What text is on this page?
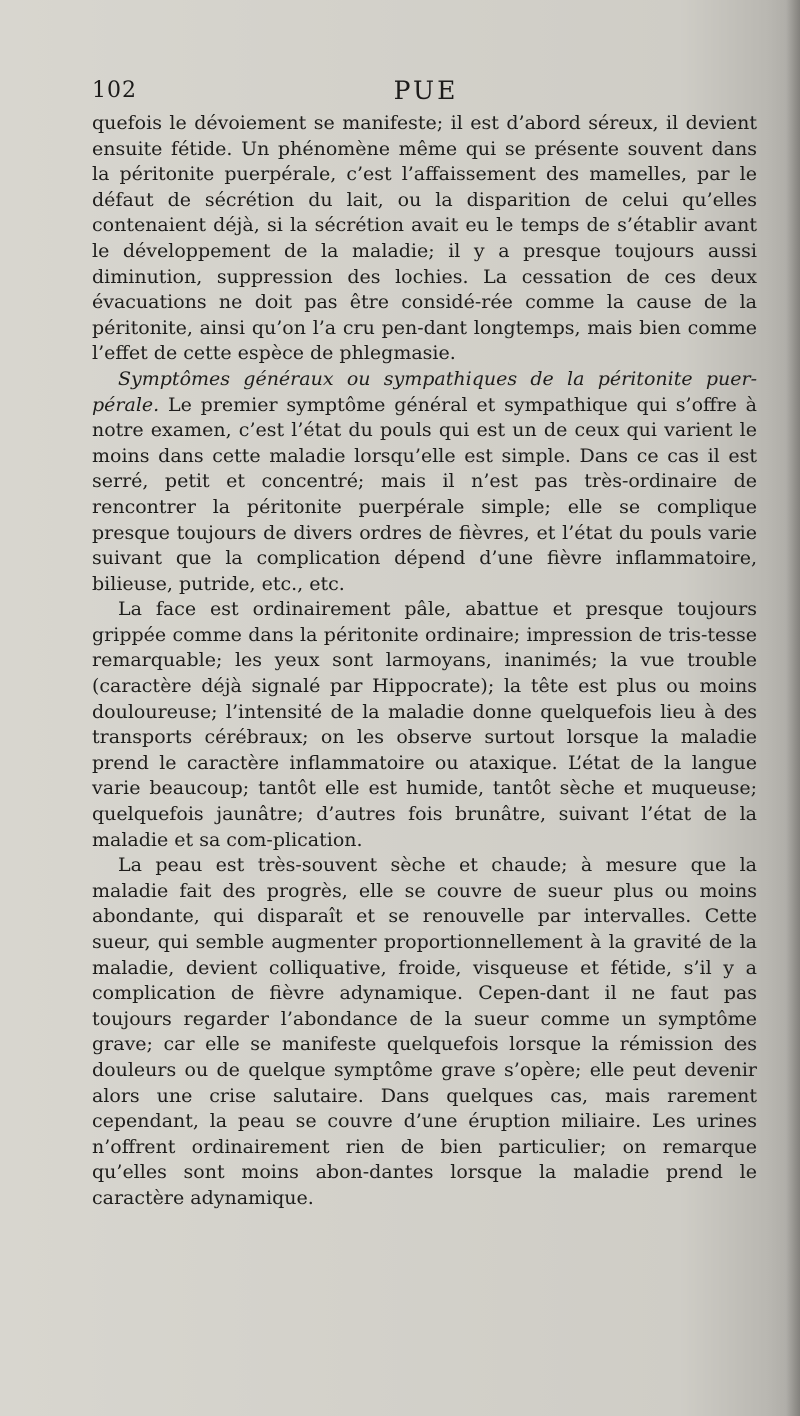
102	PUE

quefois le dévoiement se manifeste; il est d’abord séreux, il devient ensuite fétide. Un phénomène même qui se présente souvent dans la péritonite puerpérale, c’est l’affaissement des mamelles, par le défaut de sécrétion du lait, ou la disparition de celui qu’elles contenaient déjà, si la sécrétion avait eu le temps de s’établir avant le développement de la maladie; il y a presque toujours aussi diminution, suppression des lochies. La cessation de ces deux évacuations ne doit pas être considé-rée comme la cause de la péritonite, ainsi qu’on l’a cru pen-dant longtemps, mais bien comme l’effet de cette espèce de phlegmasie.

Symptômes généraux ou sympathiques de la péritonite puer-pérale. Le premier symptôme général et sympathique qui s’offre à notre examen, c’est l’état du pouls qui est un de ceux qui varient le moins dans cette maladie lorsqu’elle est simple. Dans ce cas il est serré, petit et concentré; mais il n’est pas très-ordinaire de rencontrer la péritonite puerpérale simple; elle se complique presque toujours de divers ordres de fièvres, et l’état du pouls varie suivant que la complication dépend d’une fièvre inflammatoire, bilieuse, putride, etc., etc.

La face est ordinairement pâle, abattue et presque toujours grippée comme dans la péritonite ordinaire; impression de tris-tesse remarquable; les yeux sont larmoyans, inanimés; la vue trouble (caractère déjà signalé par Hippocrate); la tête est plus ou moins douloureuse; l’intensité de la maladie donne quelquefois lieu à des transports cérébraux; on les observe surtout lorsque la maladie prend le caractère inflammatoire ou ataxique. L’état de la langue varie beaucoup; tantôt elle est humide, tantôt sèche et muqueuse; quelquefois jaunâtre; d’autres fois brunâtre, suivant l’état de la maladie et sa com-plication.

La peau est très-souvent sèche et chaude; à mesure que la maladie fait des progrès, elle se couvre de sueur plus ou moins abondante, qui disparaît et se renouvelle par intervalles. Cette sueur, qui semble augmenter proportionnellement à la gravité de la maladie, devient colliquative, froide, visqueuse et fétide, s’il y a complication de fièvre adynamique. Cepen-dant il ne faut pas toujours regarder l’abondance de la sueur comme un symptôme grave; car elle se manifeste quelquefois lorsque la rémission des douleurs ou de quelque symptôme grave s’opère; elle peut devenir alors une crise salutaire. Dans quelques cas, mais rarement cependant, la peau se couvre d’une éruption miliaire. Les urines n’offrent ordinairement rien de bien particulier; on remarque qu’elles sont moins abon-dantes lorsque la maladie prend le caractère adynamique.
